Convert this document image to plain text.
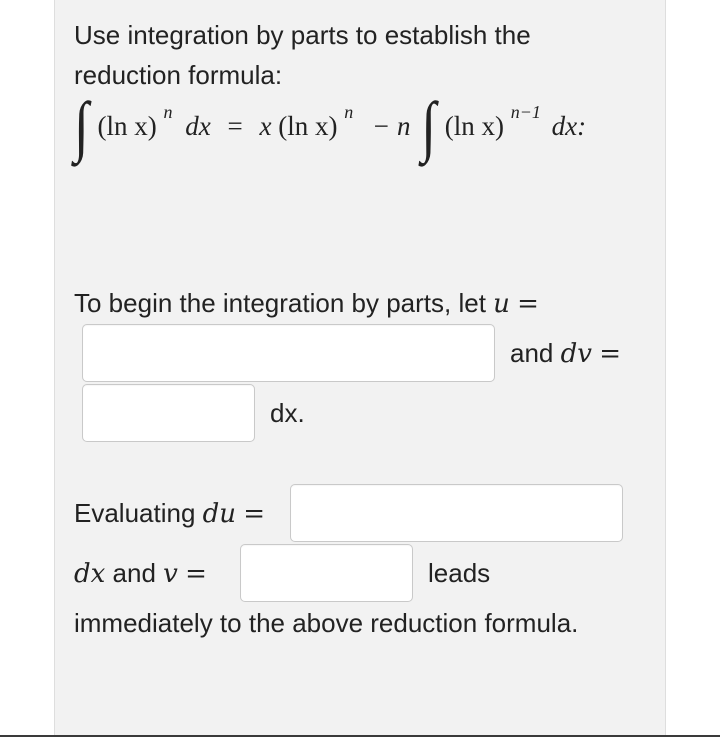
Use integration by parts to establish the
reduction formula:
∫ (ln x) n dx = x (ln x) n − n ∫ (ln x) n−1 dx:
To begin the integration by parts, let u =
and dv =
dx.
Evaluating du =
dx and v =	leads
immediately to the above reduction formula.
